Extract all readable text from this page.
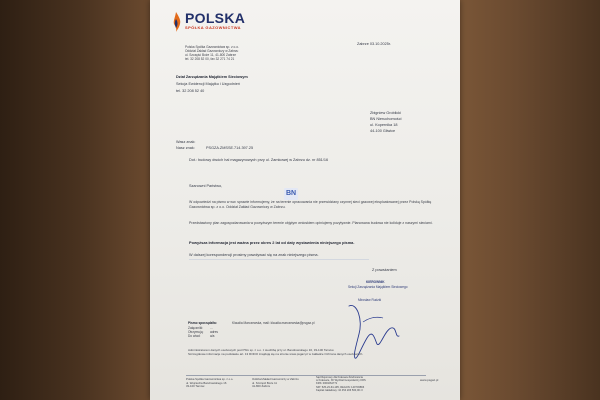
POLSKA
SPÓŁKA GAZOWNICTWA
Polska Spółka Gazownictwa sp. z o.o.
Oddział Zakład Gazowniczy w Zabrzu
ul. Szczęść Boże 11, 41-800 Zabrze
tel. 32 208 52 00, fax 32 271 74 21
Zabrze 03.10.2025r.
Dział Zarządzania Majątkiem Sieciowym
Sekcja Ewidencji Majątku i Uzgodnień
tel. 32 208 52 40
Zbigniew Groblicki
BN Nieruchomości
ul. Kopernika 18
44-100 Gliwice
Wasz znak:
Nasz znak:	PSGZA.ZMSSE.714.397.25
Dot.: budowy dwóch hal magazynowych przy ul. Zamkowej w Zabrzu dz. nr 851/16
Szanowni Państwo,
BN
W odpowiedzi na pismo w ww. sprawie informujemy, że na terenie opracowania nie przewidziany czynnej sieci gazowej eksploatowanej przez Polską Spółkę Gazownictwa sp. z o.o. Oddział Zakład Gazowniczy w Zabrzu.
Przedstawiony plan zagospodarowania w powyższym terenie objętym wnioskiem opiniujemy pozytywnie. Planowana budowa nie koliduje z naszymi sieciami.
Powyższa informacja jest ważna przez okres 2 lat od daty wystawienia niniejszego pisma.
W dalszej korespondencji prosimy powoływać się na znak niniejszego pisma.
Z poważaniem
KIEROWNIK
Sekcji Zarządzania Majątkiem Sieciowego
Mirosław Rudzki
Pismo sporządziła:	Klaudia Marczewska, mail: klaudia.marczewska@psgaz.pl
Załączniki: ...
Otrzymują: adres
Do wiad:	a/a
Administratorem danych osobowych jest PSG sp. z o.o. z siedzibą przy ul. Bandrowskiego 16, 33-100 Tarnów.
Szczegółowe informacje na podstawie art. 13 RODO znajdują się na stronie www.psgaz.pl w zakładce Ochrona danych osobowych.
Polska Spółka Gazownictwa sp. z o.o.
ul. Wojciecha Bandrowskiego 16
33-100 Tarnów
Oddział Zakład Gazowniczy w Zabrzu
ul. Szczęść Boże 11
41-800 Zabrze
Sąd Rejonowy dla Krakowa-Śródmieścia
w Krakowie, XII Wydział Gospodarczy KRS
KRS: 0000264771
NIP: 525-23-64-195, REGON: 140703866
Kapitał zakładowy: 10 454 206 500,00 zł
www.psgaz.pl
